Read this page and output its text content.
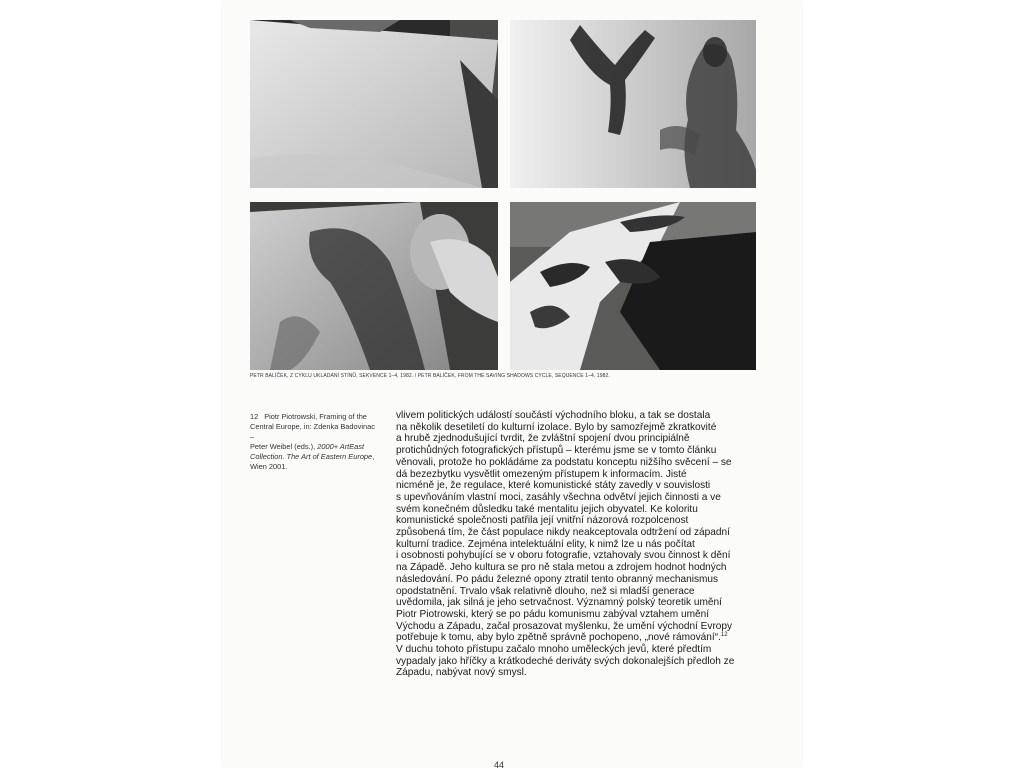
PETR BALÍČEK, Z CYKLU UKLÁDÁNÍ STÍNŮ, SEKVENCE 1–4, 1982. / PETR BALÍČEK, FROM THE SAVING SHADOWS CYCLE, SEQUENCE 1–4, 1982.
12 Piotr Piotrowski, Framing of the
Central Europe, in: Zdenka Badovinac –
Peter Weibel (eds.), 2000+ ArtEast
Collection. The Art of Eastern Europe,
Wien 2001.

vlivem politických událostí součástí východního bloku, a tak se dostala
na několik desetiletí do kulturní izolace. Bylo by samozřejmě zkratkovité
a hrubě zjednodušující tvrdit, že zvláštní spojení dvou principiálně
protichůdných fotografických přístupů – kterému jsme se v tomto článku
věnovali, protože ho pokládáme za podstatu konceptu nižšího svěcení – se
dá bezezbytku vysvětlit omezeným přístupem k informacím. Jisté
nicméně je, že regulace, které komunistické státy zavedly v souvislosti
s upevňováním vlastní moci, zasáhly všechna odvětví jejich činnosti a ve
svém konečném důsledku také mentalitu jejich obyvatel. Ke koloritu
komunistické společnosti patřila její vnitřní názorová rozpolcenost
způsobená tím, že část populace nikdy neakceptovala odtržení od západní
kulturní tradice. Zejména intelektuální elity, k nimž lze u nás počítat
i osobnosti pohybující se v oboru fotografie, vztahovaly svou činnost k dění
na Západě. Jeho kultura se pro ně stala metou a zdrojem hodnot hodných
následování. Po pádu železné opony ztratil tento obranný mechanismus
opodstatnění. Trvalo však relativně dlouho, než si mladší generace
uvědomila, jak silná je jeho setrvačnost. Významný polský teoretik umění
Piotr Piotrowski, který se po pádu komunismu zabýval vztahem umění
Východu a Západu, začal prosazovat myšlenku, že umění východní Evropy
potřebuje k tomu, aby bylo zpětně správně pochopeno, „nové rámování“.$^{12}$
V duchu tohoto přístupu začalo mnoho uměleckých jevů, které předtím
vypadaly jako hříčky a krátkodeché deriváty svých dokonalejších předloh ze
Západu, nabývat nový smysl.

44
